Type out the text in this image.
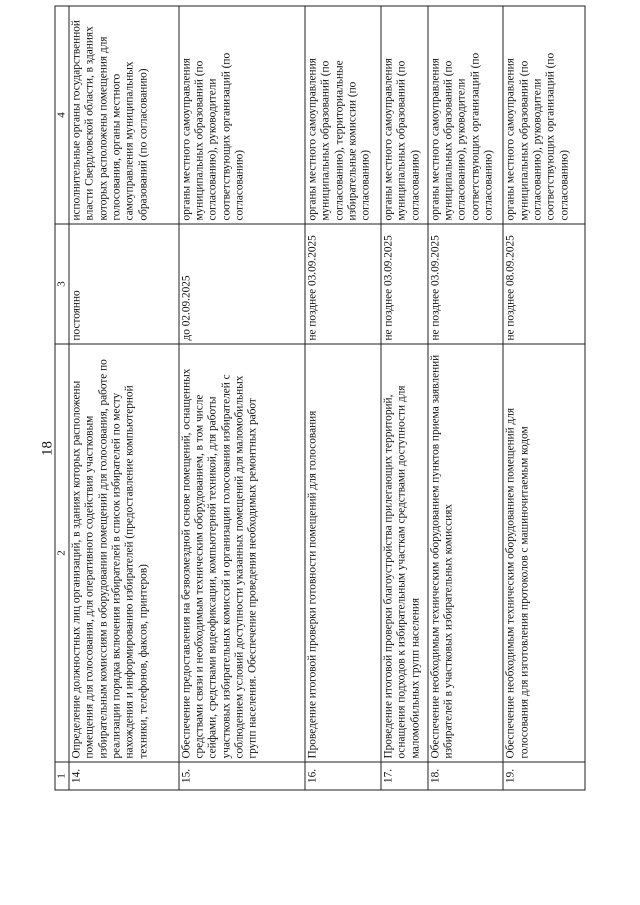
18
1	2	3	4
14.	Определение должностных лиц организаций, в зданиях которых расположены помещения для голосования, для оперативного содействия участковым избирательным комиссиям в оборудовании помещений для голосования, работе по реализации порядка включения избирателей в список избирателей по месту нахождения и информированию избирателей (предоставление компьютерной техники, телефонов, факсов, принтеров)	постоянно	исполнительные органы государственной власти Свердловской области, в зданиях которых расположены помещения для голосования, органы местного самоуправления муниципальных образований (по согласованию)
15.	Обеспечение предоставления на безвозмездной основе помещений, оснащенных средствами связи и необходимым техническим оборудованием, в том числе сейфами, средствами видеофиксации, компьютерной техникой, для работы участковых избирательных комиссий и организации голосования избирателей с соблюдением условий доступности указанных помещений для маломобильных групп населения. Обеспечение проведения необходимых ремонтных работ	до 02.09.2025	органы местного самоуправления муниципальных образований (по согласованию), руководители соответствующих организаций (по согласованию)
16.	Проведение итоговой проверки готовности помещений для голосования	не позднее 03.09.2025	органы местного самоуправления муниципальных образований (по согласованию), территориальные избирательные комиссии (по согласованию)
17.	Проведение итоговой проверки благоустройства прилегающих территорий, оснащения подходов к избирательным участкам средствами доступности для маломобильных групп населения	не позднее 03.09.2025	органы местного самоуправления муниципальных образований (по согласованию)
18.	Обеспечение необходимым техническим оборудованием пунктов приема заявлений избирателей в участковых избирательных комиссиях	не позднее 03.09.2025	органы местного самоуправления муниципальных образований (по согласованию), руководители соответствующих организаций (по согласованию)
19.	Обеспечение необходимым техническим оборудованием помещений для голосования для изготовления протоколов с машиночитаемым кодом	не позднее 08.09.2025	органы местного самоуправления муниципальных образований (по согласованию), руководители соответствующих организаций (по согласованию)
